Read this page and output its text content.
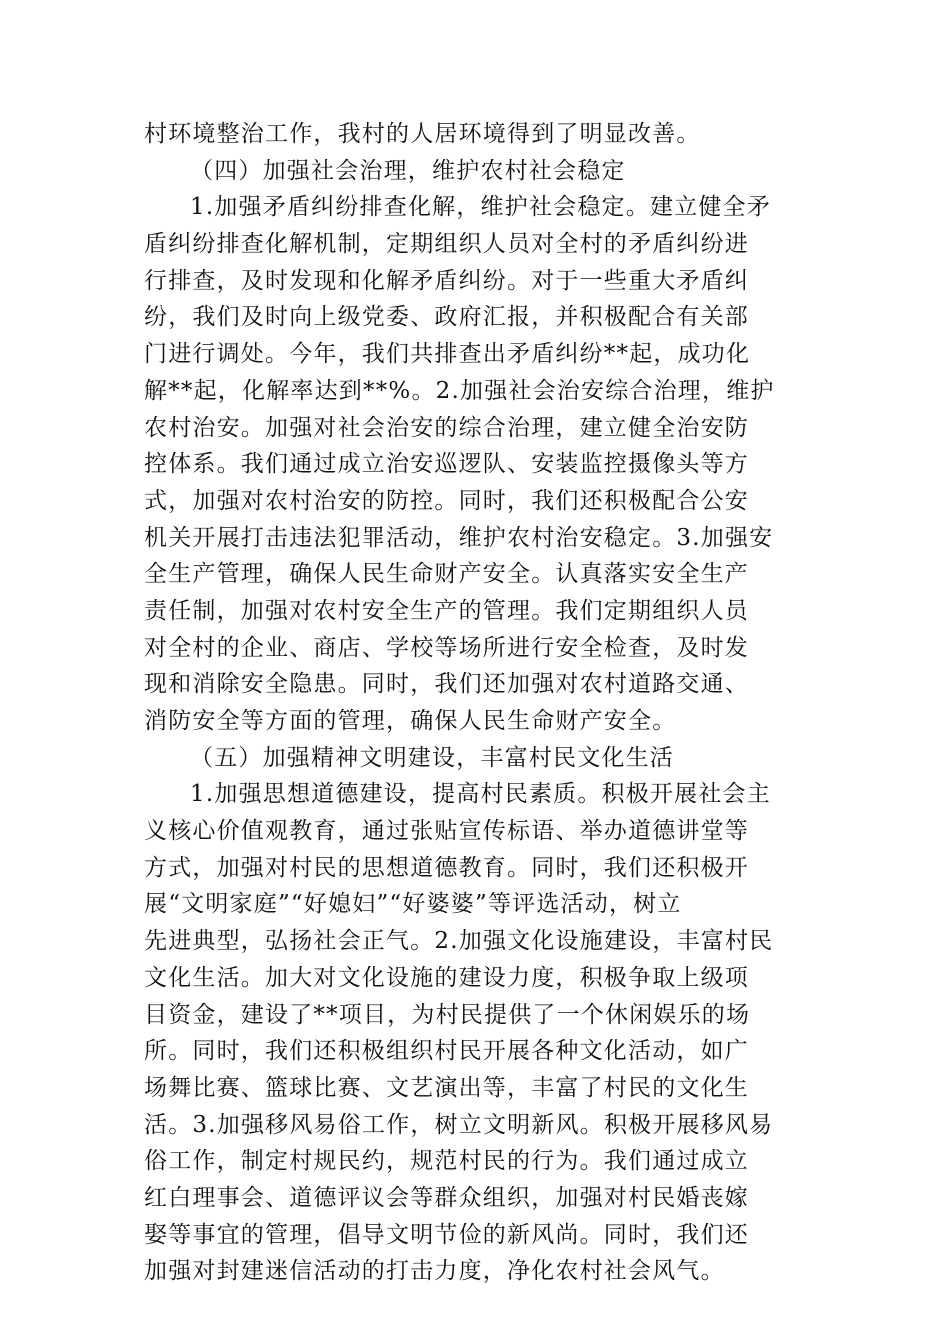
村环境整治工作，我村的人居环境得到了明显改善。
（四）加强社会治理，维护农村社会稳定
1.加强矛盾纠纷排查化解，维护社会稳定。建立健全矛
盾纠纷排查化解机制，定期组织人员对全村的矛盾纠纷进
行排查，及时发现和化解矛盾纠纷。对于一些重大矛盾纠
纷，我们及时向上级党委、政府汇报，并积极配合有关部
门进行调处。今年，我们共排查出矛盾纠纷**起，成功化
解**起，化解率达到**%。2.加强社会治安综合治理，维护
农村治安。加强对社会治安的综合治理，建立健全治安防
控体系。我们通过成立治安巡逻队、安装监控摄像头等方
式，加强对农村治安的防控。同时，我们还积极配合公安
机关开展打击违法犯罪活动，维护农村治安稳定。3.加强安
全生产管理，确保人民生命财产安全。认真落实安全生产
责任制，加强对农村安全生产的管理。我们定期组织人员
对全村的企业、商店、学校等场所进行安全检查，及时发
现和消除安全隐患。同时，我们还加强对农村道路交通、
消防安全等方面的管理，确保人民生命财产安全。
（五）加强精神文明建设，丰富村民文化生活
1.加强思想道德建设，提高村民素质。积极开展社会主
义核心价值观教育，通过张贴宣传标语、举办道德讲堂等
方式，加强对村民的思想道德教育。同时，我们还积极开
展“文明家庭”“好媳妇”“好婆婆”等评选活动，树立
先进典型，弘扬社会正气。2.加强文化设施建设，丰富村民
文化生活。加大对文化设施的建设力度，积极争取上级项
目资金，建设了**项目，为村民提供了一个休闲娱乐的场
所。同时，我们还积极组织村民开展各种文化活动，如广
场舞比赛、篮球比赛、文艺演出等，丰富了村民的文化生
活。3.加强移风易俗工作，树立文明新风。积极开展移风易
俗工作，制定村规民约，规范村民的行为。我们通过成立
红白理事会、道德评议会等群众组织，加强对村民婚丧嫁
娶等事宜的管理，倡导文明节俭的新风尚。同时，我们还
加强对封建迷信活动的打击力度，净化农村社会风气。
